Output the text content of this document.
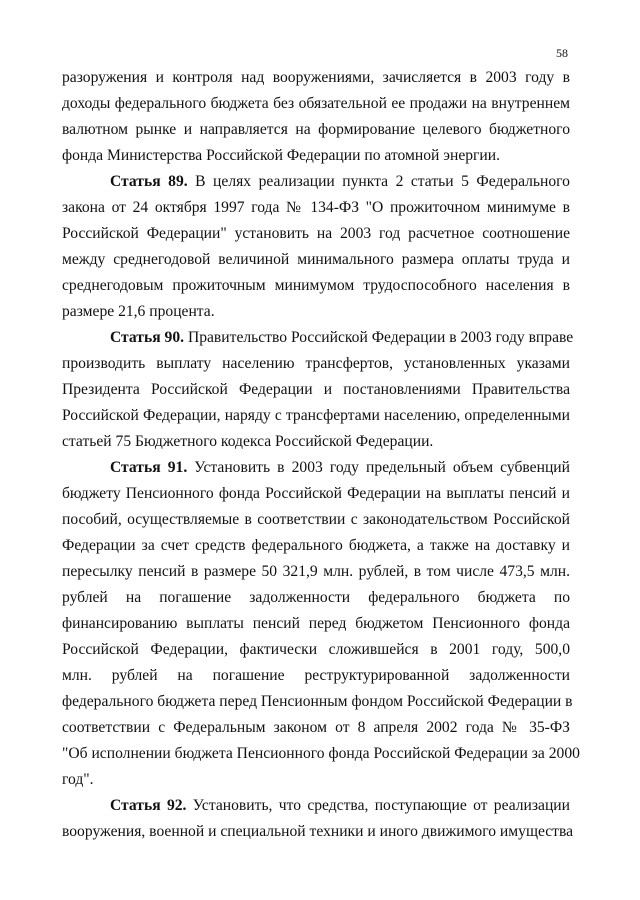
58
разоружения и контроля над вооружениями, зачисляется в 2003 году в
доходы федерального бюджета без обязательной ее продажи на внутреннем
валютном рынке и направляется на формирование целевого бюджетного
фонда Министерства Российской Федерации по атомной энергии.
Статья 89. В целях реализации пункта 2 статьи 5 Федерального
закона от 24 октября 1997 года № 134-ФЗ "О прожиточном минимуме в
Российской Федерации" установить на 2003 год расчетное соотношение
между среднегодовой величиной минимального размера оплаты труда и
среднегодовым прожиточным минимумом трудоспособного населения в
размере 21,6 процента.
Статья 90. Правительство Российской Федерации в 2003 году вправе
производить выплату населению трансфертов, установленных указами
Президента Российской Федерации и постановлениями Правительства
Российской Федерации, наряду с трансфертами населению, определенными
статьей 75 Бюджетного кодекса Российской Федерации.
Статья 91. Установить в 2003 году предельный объем субвенций
бюджету Пенсионного фонда Российской Федерации на выплаты пенсий и
пособий, осуществляемые в соответствии с законодательством Российской
Федерации за счет средств федерального бюджета, а также на доставку и
пересылку пенсий в размере 50 321,9 млн. рублей, в том числе 473,5 млн.
рублей на погашение задолженности федерального бюджета по
финансированию выплаты пенсий перед бюджетом Пенсионного фонда
Российской Федерации, фактически сложившейся в 2001 году, 500,0
млн. рублей на погашение реструктурированной задолженности
федерального бюджета перед Пенсионным фондом Российской Федерации в
соответствии с Федеральным законом от 8 апреля 2002 года № 35-ФЗ
"Об исполнении бюджета Пенсионного фонда Российской Федерации за 2000
год".
Статья 92. Установить, что средства, поступающие от реализации
вооружения, военной и специальной техники и иного движимого имущества
